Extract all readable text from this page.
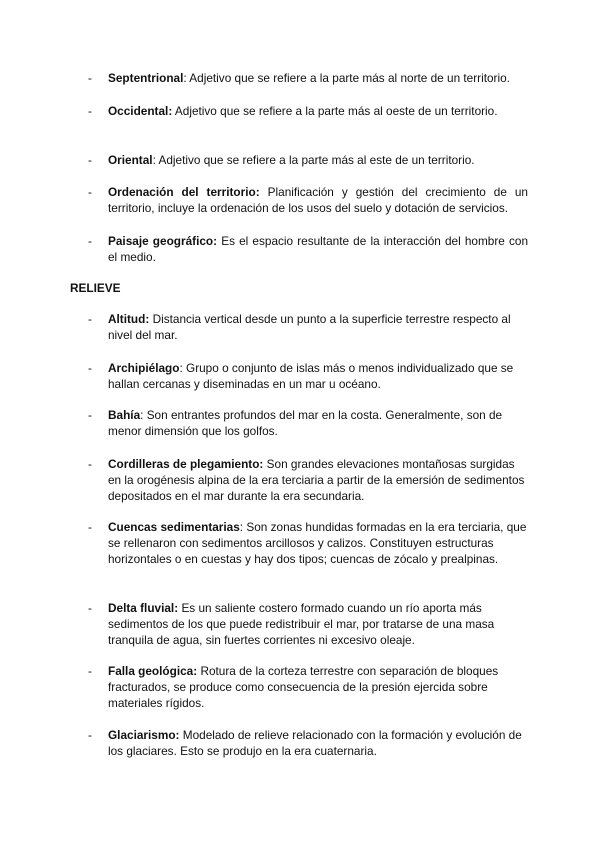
-	Septentrional: Adjetivo que se refiere a la parte más al norte de un territorio.
-	Occidental: Adjetivo que se refiere a la parte más al oeste de un territorio.
-	Oriental: Adjetivo que se refiere a la parte más al este de un territorio.
-	Ordenación del territorio: Planificación y gestión del crecimiento de un territorio, incluye la ordenación de los usos del suelo y dotación de servicios.
-	Paisaje geográfico: Es el espacio resultante de la interacción del hombre con el medio.
RELIEVE
-	Altitud: Distancia vertical desde un punto a la superficie terrestre respecto al nivel del mar.
-	Archipiélago: Grupo o conjunto de islas más o menos individualizado que se hallan cercanas y diseminadas en un mar u océano.
-	Bahía: Son entrantes profundos del mar en la costa. Generalmente, son de menor dimensión que los golfos.
-	Cordilleras de plegamiento: Son grandes elevaciones montañosas surgidas en la orogénesis alpina de la era terciaria a partir de la emersión de sedimentos depositados en el mar durante la era secundaria.
-	Cuencas sedimentarias: Son zonas hundidas formadas en la era terciaria, que se rellenaron con sedimentos arcillosos y calizos. Constituyen estructuras horizontales o en cuestas y hay dos tipos; cuencas de zócalo y prealpinas.
-	Delta fluvial: Es un saliente costero formado cuando un río aporta más sedimentos de los que puede redistribuir el mar, por tratarse de una masa tranquila de agua, sin fuertes corrientes ni excesivo oleaje.
-	Falla geológica: Rotura de la corteza terrestre con separación de bloques fracturados, se produce como consecuencia de la presión ejercida sobre materiales rígidos.
-	Glaciarismo: Modelado de relieve relacionado con la formación y evolución de los glaciares. Esto se produjo en la era cuaternaria.
